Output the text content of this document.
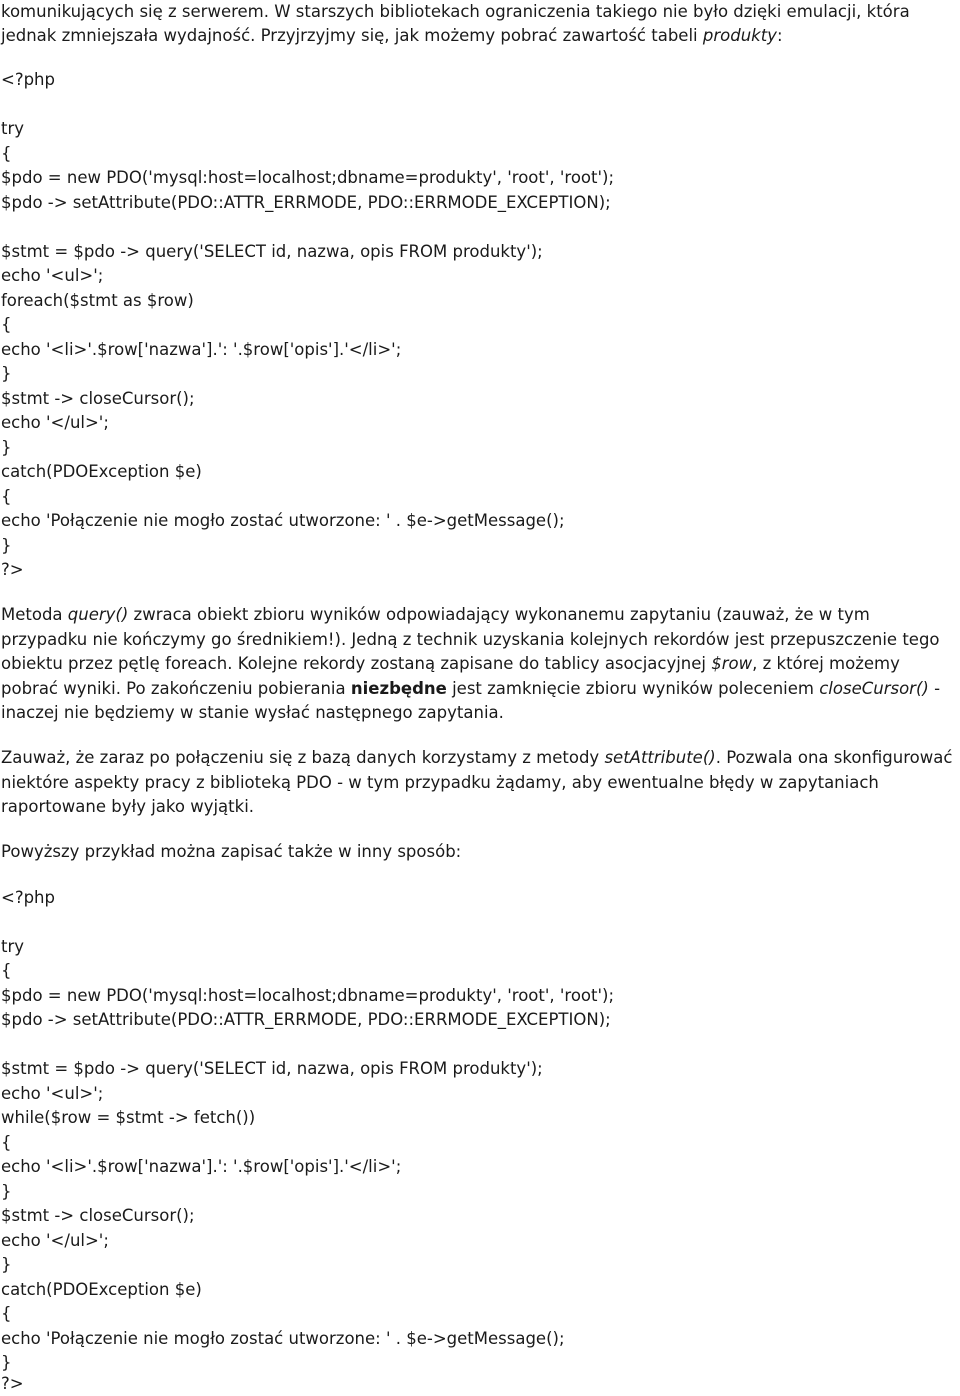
komunikujących się z serwerem. W starszych bibliotekach ograniczenia takiego nie było dzięki emulacji, która
jednak zmniejszała wydajność. Przyjrzyjmy się, jak możemy pobrać zawartość tabeli produkty:
<?php
try
{
$pdo = new PDO('mysql:host=localhost;dbname=produkty', 'root', 'root');
$pdo -> setAttribute(PDO::ATTR_ERRMODE, PDO::ERRMODE_EXCEPTION);
$stmt = $pdo -> query('SELECT id, nazwa, opis FROM produkty');
echo '<ul>';
foreach($stmt as $row)
{
echo '<li>'.$row['nazwa'].': '.$row['opis'].'</li>';
}
$stmt -> closeCursor();
echo '</ul>';
}
catch(PDOException $e)
{
echo 'Połączenie nie mogło zostać utworzone: ' . $e->getMessage();
}
?>
Metoda query() zwraca obiekt zbioru wyników odpowiadający wykonanemu zapytaniu (zauważ, że w tym
przypadku nie kończymy go średnikiem!). Jedną z technik uzyskania kolejnych rekordów jest przepuszczenie tego
obiektu przez pętlę foreach. Kolejne rekordy zostaną zapisane do tablicy asocjacyjnej $row, z której możemy
pobrać wyniki. Po zakończeniu pobierania niezbędne jest zamknięcie zbioru wyników poleceniem closeCursor() -
inaczej nie będziemy w stanie wysłać następnego zapytania.
Zauważ, że zaraz po połączeniu się z bazą danych korzystamy z metody setAttribute(). Pozwala ona skonfigurować
niektóre aspekty pracy z biblioteką PDO - w tym przypadku żądamy, aby ewentualne błędy w zapytaniach
raportowane były jako wyjątki.
Powyższy przykład można zapisać także w inny sposób:
<?php
try
{
$pdo = new PDO('mysql:host=localhost;dbname=produkty', 'root', 'root');
$pdo -> setAttribute(PDO::ATTR_ERRMODE, PDO::ERRMODE_EXCEPTION);
$stmt = $pdo -> query('SELECT id, nazwa, opis FROM produkty');
echo '<ul>';
while($row = $stmt -> fetch())
{
echo '<li>'.$row['nazwa'].': '.$row['opis'].'</li>';
}
$stmt -> closeCursor();
echo '</ul>';
}
catch(PDOException $e)
{
echo 'Połączenie nie mogło zostać utworzone: ' . $e->getMessage();
}
?>
